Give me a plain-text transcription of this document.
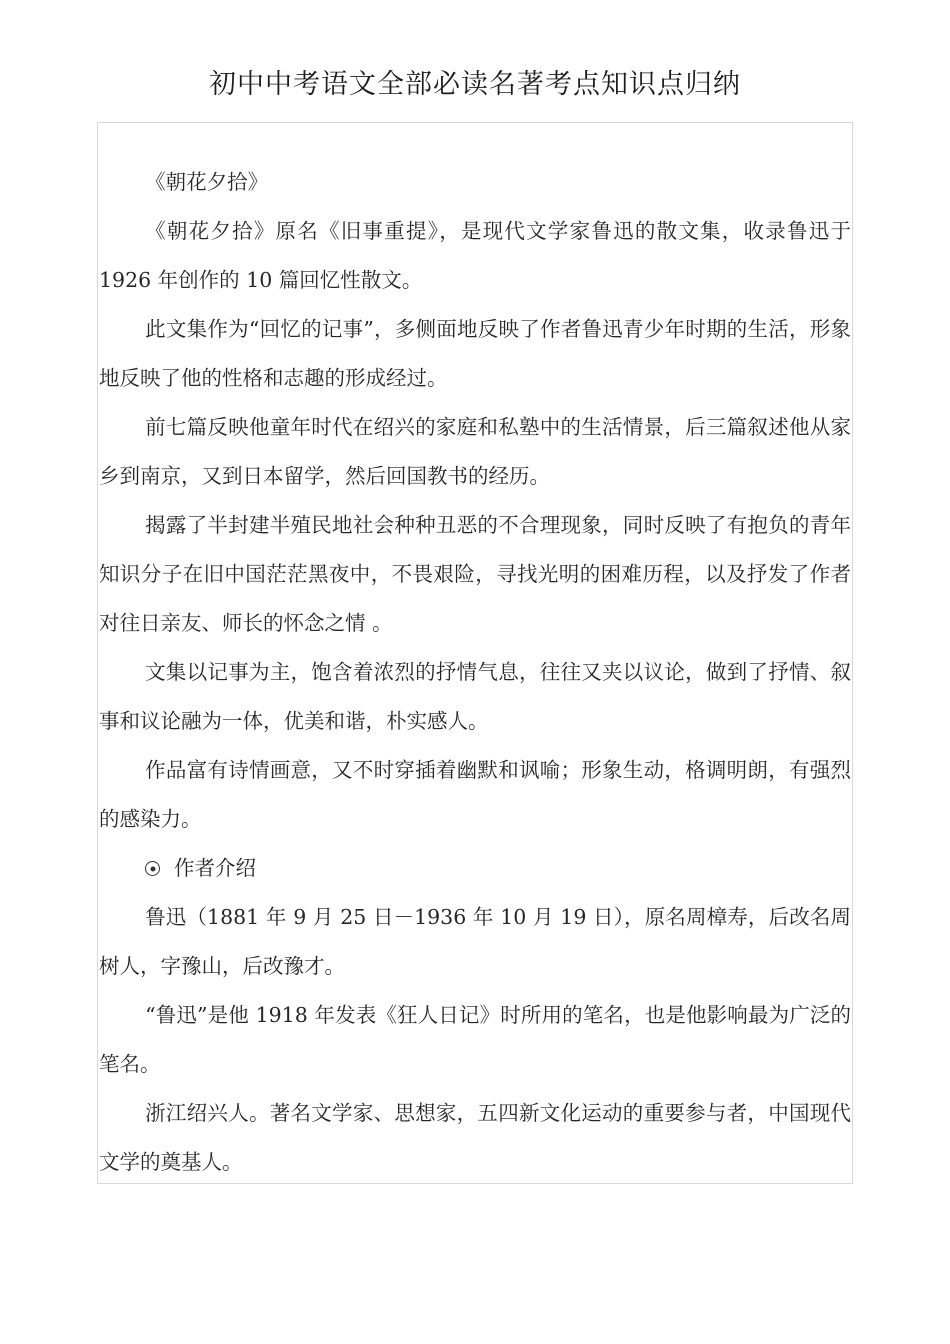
初中中考语文全部必读名著考点知识点归纳

《朝花夕拾》

《朝花夕拾》原名《旧事重提》，是现代文学家鲁迅的散文集，收录鲁迅于1926 年创作的 10 篇回忆性散文。

此文集作为“回忆的记事”，多侧面地反映了作者鲁迅青少年时期的生活，形象地反映了他的性格和志趣的形成经过。

前七篇反映他童年时代在绍兴的家庭和私塾中的生活情景，后三篇叙述他从家乡到南京，又到日本留学，然后回国教书的经历。

揭露了半封建半殖民地社会种种丑恶的不合理现象，同时反映了有抱负的青年知识分子在旧中国茫茫黑夜中，不畏艰险，寻找光明的困难历程，以及抒发了作者对往日亲友、师长的怀念之情 。

文集以记事为主，饱含着浓烈的抒情气息，往往又夹以议论，做到了抒情、叙事和议论融为一体，优美和谐，朴实感人。

作品富有诗情画意，又不时穿插着幽默和讽喻；形象生动，格调明朗，有强烈的感染力。

作者介绍

鲁迅（1881 年 9 月 25 日－1936 年 10 月 19 日），原名周樟寿，后改名周树人，字豫山，后改豫才。

“鲁迅”是他 1918 年发表《狂人日记》时所用的笔名，也是他影响最为广泛的笔名。

浙江绍兴人。著名文学家、思想家，五四新文化运动的重要参与者，中国现代文学的奠基人。
